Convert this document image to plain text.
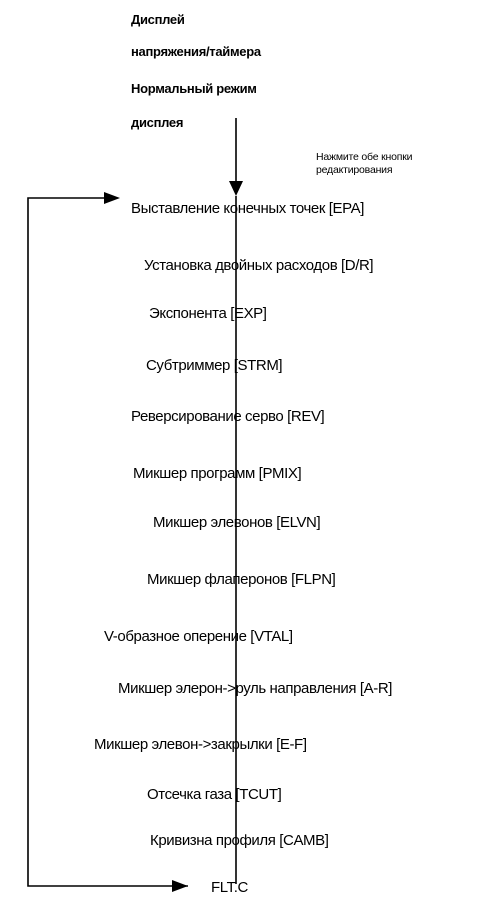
Дисплей
напряжения/таймера
Нормальный режим
дисплея
Нажмите обе кнопки
редактирования
Выставление конечных точек [EPA]
Установка двойных расходов [D/R]
Экспонента [EXP]
Субтриммер [STRM]
Реверсирование серво [REV]
Микшер программ [PMIX]
Микшер элевонов [ELVN]
Микшер флаперонов [FLPN]
V-образное оперение [VTAL]
Микшер элерон->руль направления [A-R]
Микшер элевон->закрылки [E-F]
Отсечка газа [TCUT]
Кривизна профиля [CAMB]
FLT.C
